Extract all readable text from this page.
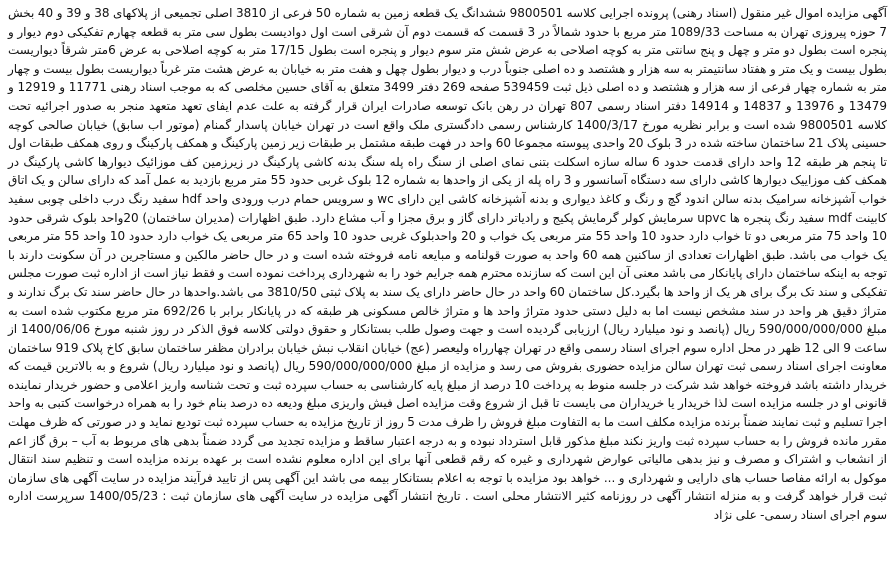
آگهی مزایده اموال غیر منقول (اسناد رهنی) پرونده اجرایی کلاسه 9800501 ششدانگ یک قطعه زمین به شماره 50 فرعی از 3810 اصلی تجمیعی از پلاکهای 38 و 39 و 40 بخش 7 حوزه پیروزی تهران به مساحت 1089/33 متر مربع با حدود شمالاً در 3 قسمت که قسمت دوم آن شرقی است اول دوادیست بطول سی متر به قطعه چهارم تفکیکی دوم دیوار و پنجره است بطول دو متر و چهل و پنج سانتی متر به کوچه اصلاحی به عرض شش متر سوم دیوار و پنجره است بطول 17/15 متر به کوچه اصلاحی به عرض 6متر شرقاً دیواریست بطول بیست و یک متر و هفتاد سانتیمتر به سه هزار و هشتصد و ده اصلی جنوباً درب و دیوار بطول چهل و هفت متر به خیابان به عرض هشت متر غرباً دیواریست بطول بیست و چهار متر به شماره چهار فرعی از سه هزار و هشتصد و ده اصلی ذیل ثبت 539459 صفحه 269 دفتر 3499 متعلق به آقای حسین مخلصی که به موجب اسناد رهنی 11771 و 12919 و 13479 و 13976 و 14837 و 14914 دفتر اسناد رسمی 807 تهران در رهن بانک توسعه صادرات ایران قرار گرفته به علت عدم ایفای تعهد متعهد منجر به صدور اجرائیه تحت کلاسه 9800501 شده است و برابر نظریه مورخ 1400/3/17 کارشناس رسمی دادگستری ملک واقع است در تهران خیابان پاسدار گمنام (موتور اب سابق) خیابان صالحی کوچه حسینی پلاک 21 ساختمان ساخته شده در 3 بلوک 20 واحدی پیوسته مجموعا 60 واحد در فهت طبقه مشتمل بر طبقات زیر زمین پارکینگ و همکف پارکینگ و روی همکف طبقات اول تا پنجم هر طبقه 12 واحد دارای قدمت حدود 6 ساله سازه اسکلت بتنی نمای اصلی از سنگ راه پله سنگ بدنه کاشی پارکینگ در زیرزمین کف موزائیک دیوارها کاشی پارکینگ در همکف کف موزاییک دیوارها کاشی دارای سه دستگاه آسانسور و 3 راه پله از یکی از واحدها به شماره 12 بلوک غربی حدود 55 متر مربع بازدید به عمل آمد که دارای سالن و یک اتاق خواب آشپزخانه سرامیک بدنه سالن اندود گچ و رنگ و کاغذ دیواری و بدنه آشپزخانه کاشی این دارای wc و سرویس حمام درب ورودی واحد hdf سفید رنگ درب داخلی چوبی سفید کابینت mdf سفید رنگ پنجره ها upvc سرمایش کولر گرمایش پکیج و رادیاتر دارای گاز و برق مجزا و آب مشاع دارد. طبق اظهارات (مدیران ساختمان) 20واحد بلوک شرقی حدود 10 واحد 75 متر مربعی دو تا خواب دارد حدود 10 واحد 55 متر مربعی یک خواب و 20 واحدبلوک غربی حدود 10 واحد 65 متر مربعی یک خواب دارد حدود 10 واحد 55 متر مربعی یک خواب می باشد. طبق اظهارات تعدادی از ساکنین همه 60 واحد به صورت قولنامه و مبایعه نامه فروخته شده است و در حال حاضر مالکین و مستاجرین در آن سکونت دارند با توجه به اینکه ساختمان دارای پایانکار می باشد معنی آن این است که سازنده محترم همه جرایم خود را به شهرداری پرداخت نموده است و فقط نیاز است از اداره ثبت صورت مجلس تفکیکی و سند تک برگ برای هر یک از واحد ها بگیرد.کل ساختمان 60 واحد در حال حاضر دارای یک سند به پلاک ثبتی 3810/50 می باشد.واحدها در حال حاضر سند تک برگ ندارند و متراژ دقیق هر واحد در سند مشخص نیست اما به دلیل دستی حدود متراژ واحد ها و متراژ خالص مسکونی هر طبقه که در پایانکار برابر با 692/26 متر مربع مکتوب شده است به مبلغ 590/000/000/000 ریال (پانصد و نود میلیارد ریال) ارزیابی گردیده است و جهت وصول طلب بستانکار و حقوق دولتی کلاسه فوق الذکر در روز شنبه مورخ 1400/06/06 از ساعت 9 الی 12 ظهر در محل اداره سوم اجرای اسناد رسمی واقع در تهران چهارراه ولیعصر (عج) خیابان انقلاب نبش خیابان برادران مظفر ساختمان سابق کاخ پلاک 919 ساختمان معاونت اجرای اسناد رسمی ثبت تهران سالن مزایده حضوری بفروش می رسد و مزایده از مبلغ 590/000/000/000 ریال (پانصد و نود میلیارد ریال) شروع و به بالاترین قیمت که خریدار داشته باشد فروخته خواهد شد شرکت در جلسه منوط به پرداخت 10 درصد از مبلغ پایه کارشناسی به حساب سپرده ثبت و تحت شناسه واریز اعلامی و حضور خریدار نماینده قانونی او در جلسه مزایده است لذا خریدار یا خریداران می بایست تا قبل از شروع وقت مزایده اصل فیش واریزی مبلغ ودیعه ده درصد بنام خود را به همراه درخواست کتبی به واحد اجرا تسلیم و ثبت نمایند ضمناً برنده مزایده مکلف است ما به التفاوت مبلغ فروش را ظرف مدت 5 روز از تاریخ مزایده به حساب سپرده ثبت تودیع نماید و در صورتی که ظرف مهلت مقرر مانده فروش را به حساب سپرده ثبت واریز نکند مبلغ مذکور قابل استرداد نبوده و به درجه اعتبار ساقط و مزایده تجدید می گردد ضمناً بدهی های مربوط به آب – برق گاز اعم از انشعاب و اشتراک و مصرف و نیز بدهی مالیاتی عوارض شهرداری و غیره که رقم قطعی آنها برای این اداره معلوم نشده است بر عهده برنده مزایده است و تنظیم سند انتقال موکول به ارائه مفاصا حساب های دارایی و شهرداری و ... خواهد بود مزایده با توجه به اعلام بستانکار بیمه می باشد این آگهی پس از تایید فرآیند مزایده در سایت آگهی های سازمان ثبت قرار خواهد گرفت و به منزله انتشار آگهی در روزنامه کثیر الانتشار محلی است . تاریخ انتشار آگهی مزایده در سایت آگهی های سازمان ثبت : 1400/05/23 سرپرست اداره سوم اجرای اسناد رسمی- علی نژاد
